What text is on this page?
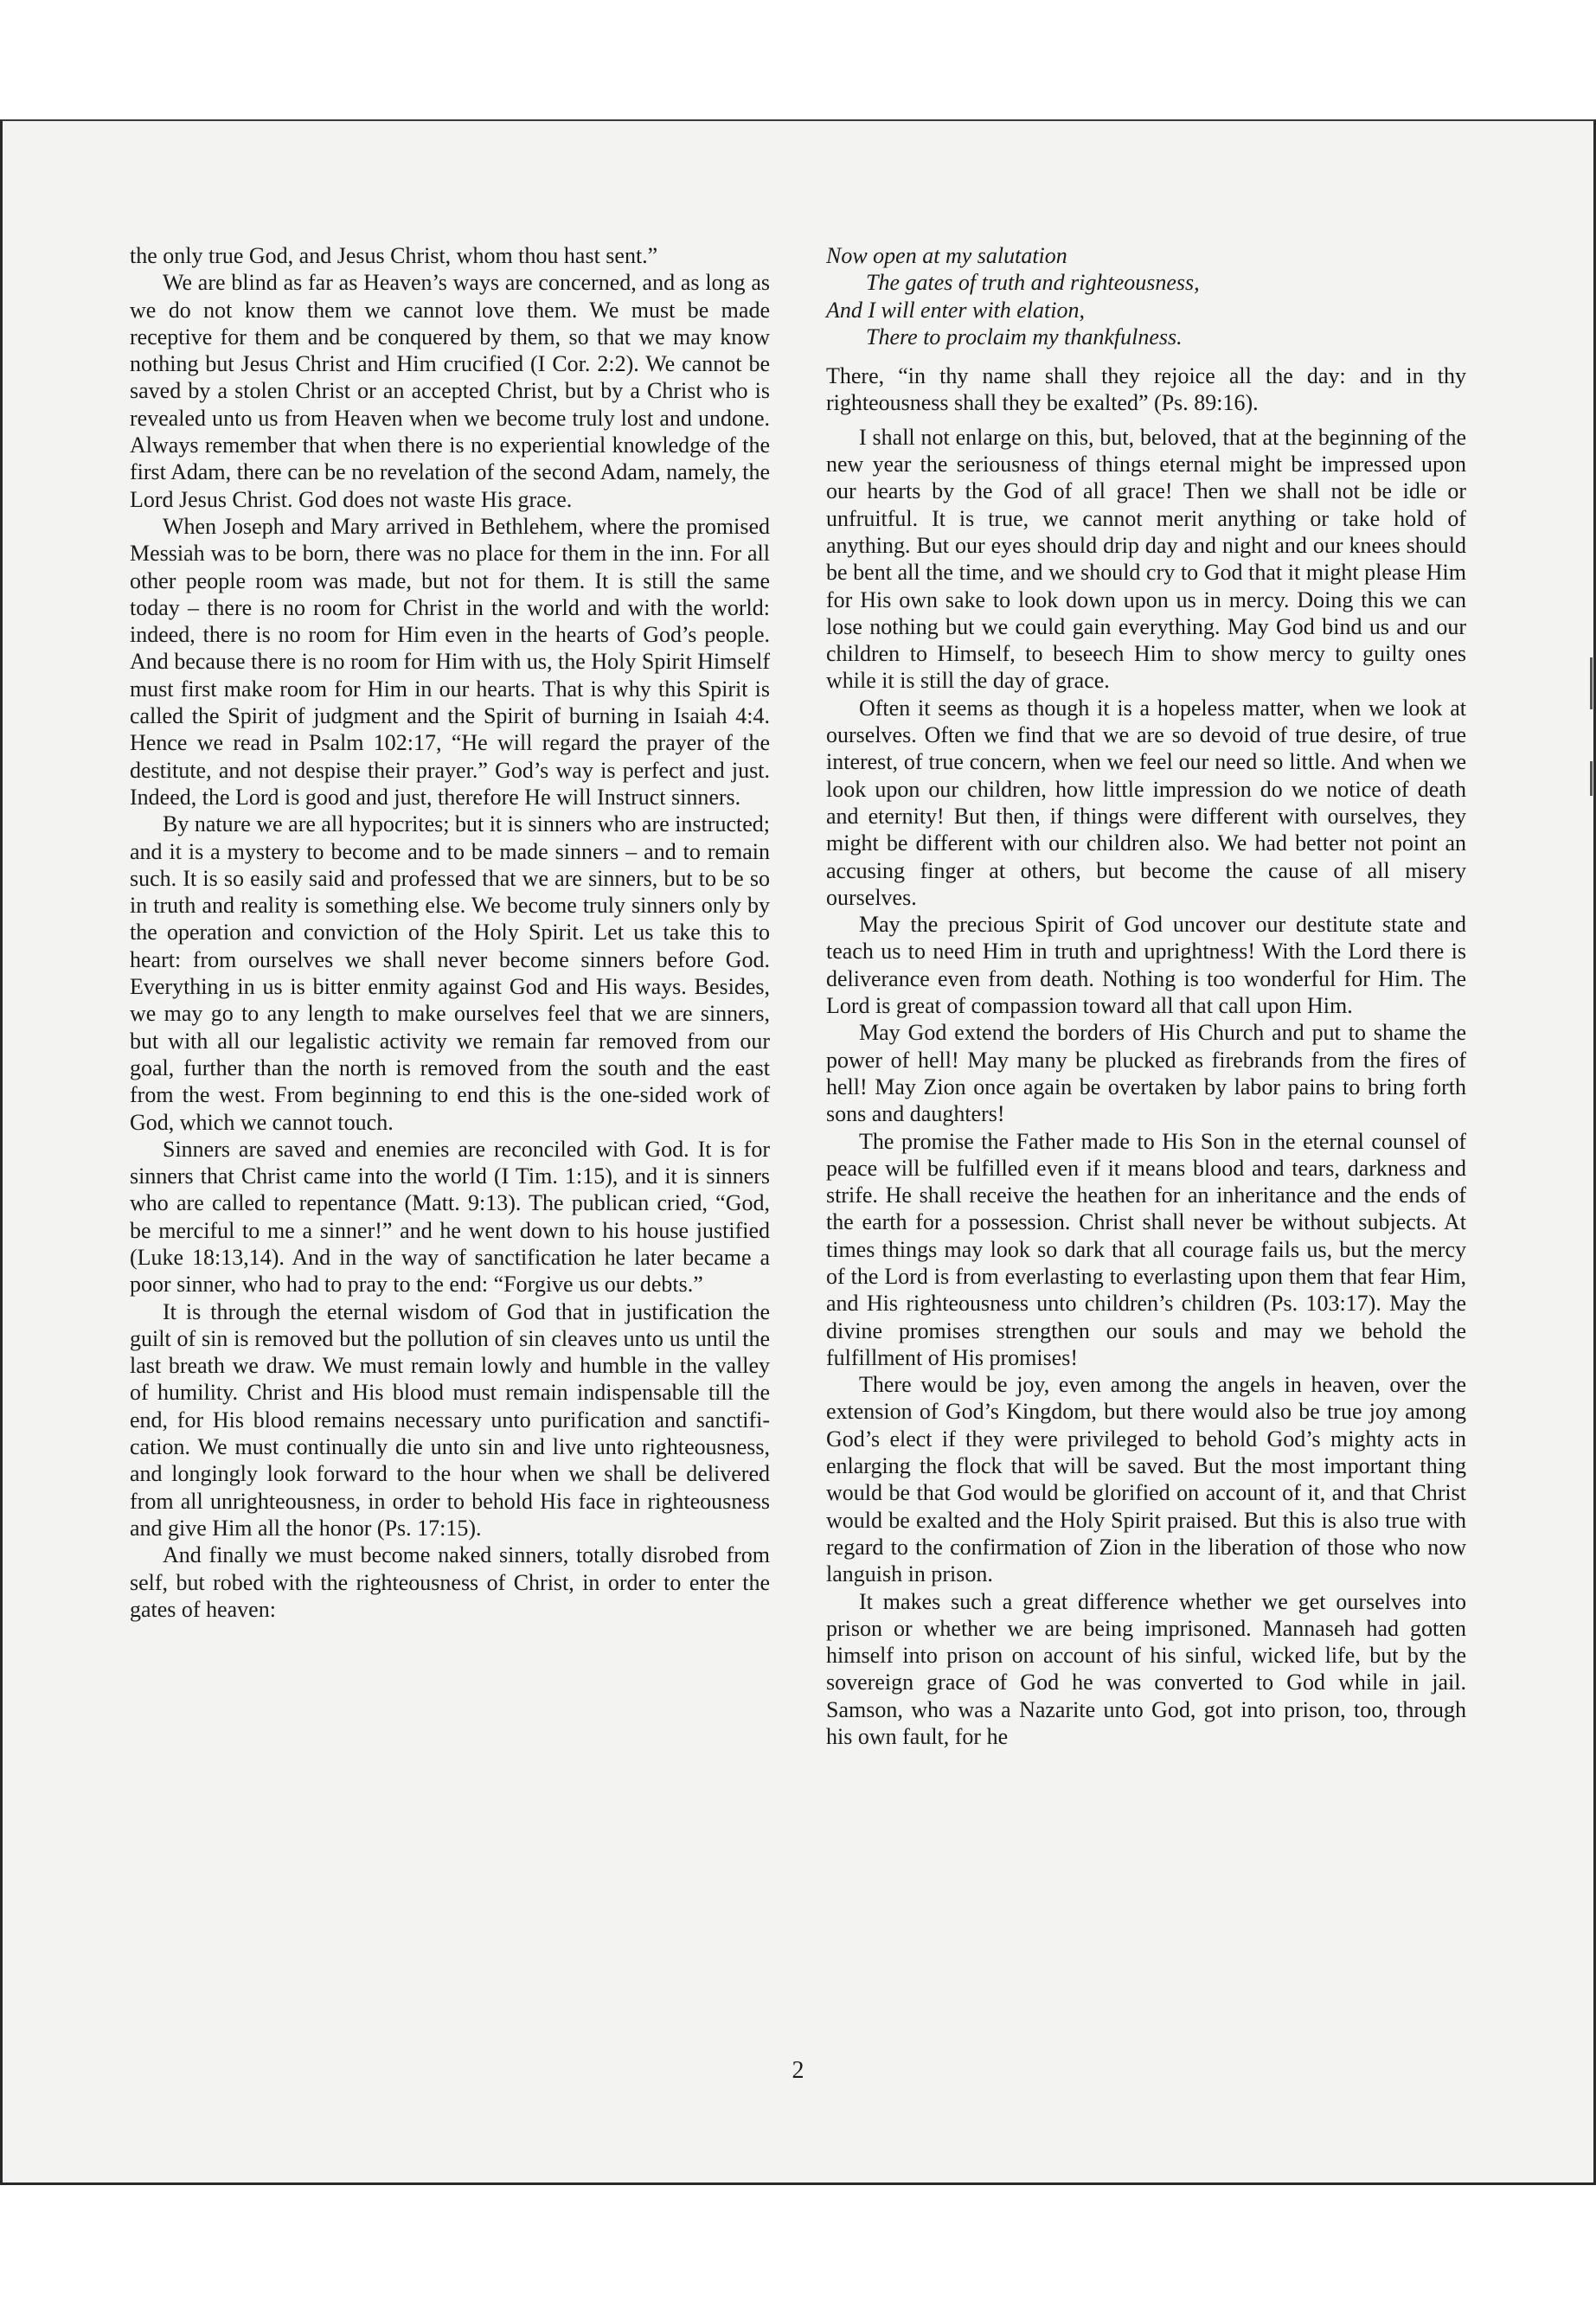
the only true God, and Jesus Christ, whom thou hast sent.”

We are blind as far as Heaven’s ways are concerned, and as long as we do not know them we cannot love them. We must be made receptive for them and be conquered by them, so that we may know nothing but Jesus Christ and Him crucified (I Cor. 2:2). We cannot be saved by a stolen Christ or an accepted Christ, but by a Christ who is revealed unto us from Heaven when we become truly lost and undone. Always remember that when there is no experiential knowledge of the first Adam, there can be no revelation of the second Adam, namely, the Lord Jesus Christ. God does not waste His grace.

When Joseph and Mary arrived in Bethlehem, where the promised Messiah was to be born, there was no place for them in the inn. For all other people room was made, but not for them. It is still the same today – there is no room for Christ in the world and with the world: indeed, there is no room for Him even in the hearts of God’s people. And because there is no room for Him with us, the Holy Spirit Himself must first make room for Him in our hearts. That is why this Spirit is called the Spirit of judgment and the Spirit of burning in Isaiah 4:4. Hence we read in Psalm 102:17, “He will regard the prayer of the destitute, and not despise their prayer.” God’s way is perfect and just. Indeed, the Lord is good and just, therefore He will Instruct sinners.

By nature we are all hypocrites; but it is sinners who are instructed; and it is a mystery to become and to be made sinners – and to remain such. It is so easily said and professed that we are sinners, but to be so in truth and reality is something else. We become truly sinners only by the operation and conviction of the Holy Spirit. Let us take this to heart: from ourselves we shall never become sinners before God. Everything in us is bitter enmity against God and His ways. Besides, we may go to any length to make ourselves feel that we are sinners, but with all our legalistic activity we remain far removed from our goal, further than the north is removed from the south and the east from the west. From beginning to end this is the one-sided work of God, which we cannot touch.

Sinners are saved and enemies are reconciled with God. It is for sinners that Christ came into the world (I Tim. 1:15), and it is sinners who are called to repentance (Matt. 9:13). The publican cried, “God, be merciful to me a sinner!” and he went down to his house justified (Luke 18:13,14). And in the way of sanctification he later became a poor sinner, who had to pray to the end: “Forgive us our debts.”

It is through the eternal wisdom of God that in justification the guilt of sin is removed but the pollution of sin cleaves unto us until the last breath we draw. We must remain lowly and humble in the valley of humility. Christ and His blood must remain indispensable till the end, for His blood remains necessary unto purification and sanctification. We must continually die unto sin and live unto righteousness, and longingly look forward to the hour when we shall be delivered from all unrighteousness, in order to behold His face in righteousness and give Him all the honor (Ps. 17:15).

And finally we must become naked sinners, totally disrobed from self, but robed with the righteousness of Christ, in order to enter the gates of heaven:

Now open at my salutation
The gates of truth and righteousness,
And I will enter with elation,
There to proclaim my thankfulness.

There, “in thy name shall they rejoice all the day: and in thy righteousness shall they be exalted” (Ps. 89:16).

I shall not enlarge on this, but, beloved, that at the beginning of the new year the seriousness of things eternal might be impressed upon our hearts by the God of all grace! Then we shall not be idle or unfruitful. It is true, we cannot merit anything or take hold of anything. But our eyes should drip day and night and our knees should be bent all the time, and we should cry to God that it might please Him for His own sake to look down upon us in mercy. Doing this we can lose nothing but we could gain everything. May God bind us and our children to Himself, to beseech Him to show mercy to guilty ones while it is still the day of grace.

Often it seems as though it is a hopeless matter, when we look at ourselves. Often we find that we are so devoid of true desire, of true interest, of true concern, when we feel our need so little. And when we look upon our children, how little impression do we notice of death and eternity! But then, if things were different with ourselves, they might be different with our children also. We had better not point an accusing finger at others, but become the cause of all misery ourselves.

May the precious Spirit of God uncover our destitute state and teach us to need Him in truth and uprightness! With the Lord there is deliverance even from death. Nothing is too wonderful for Him. The Lord is great of compassion toward all that call upon Him.

May God extend the borders of His Church and put to shame the power of hell! May many be plucked as firebrands from the fires of hell! May Zion once again be overtaken by labor pains to bring forth sons and daughters!

The promise the Father made to His Son in the eternal counsel of peace will be fulfilled even if it means blood and tears, darkness and strife. He shall receive the heathen for an inheritance and the ends of the earth for a possession. Christ shall never be without subjects. At times things may look so dark that all courage fails us, but the mercy of the Lord is from everlasting to everlasting upon them that fear Him, and His righteousness unto children’s children (Ps. 103:17). May the divine promises strengthen our souls and may we behold the fulfillment of His promises!

There would be joy, even among the angels in heaven, over the extension of God’s Kingdom, but there would also be true joy among God’s elect if they were privileged to behold God’s mighty acts in enlarging the flock that will be saved. But the most important thing would be that God would be glorified on account of it, and that Christ would be exalted and the Holy Spirit praised. But this is also true with regard to the confirmation of Zion in the liberation of those who now languish in prison.

It makes such a great difference whether we get ourselves into prison or whether we are being imprisoned. Mannaseh had gotten himself into prison on account of his sinful, wicked life, but by the sovereign grace of God he was converted to God while in jail. Samson, who was a Nazarite unto God, got into prison, too, through his own fault, for he

2
